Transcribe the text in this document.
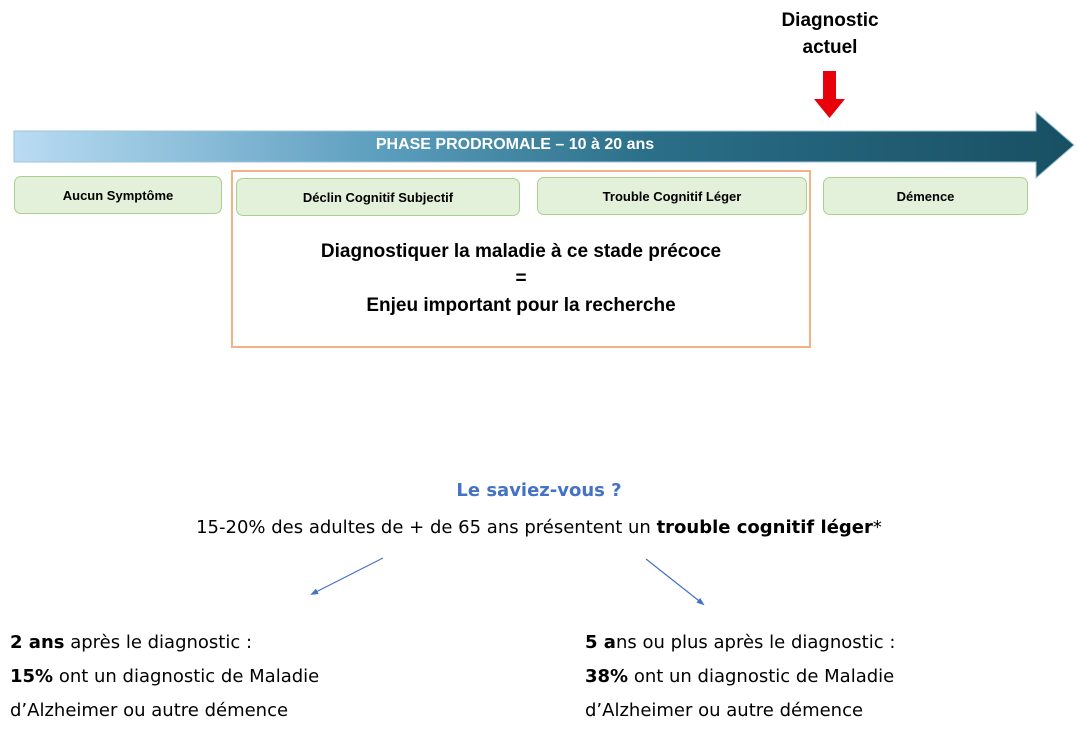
Diagnostic
actuel
PHASE PRODROMALE – 10 à 20 ans
Aucun Symptôme	Déclin Cognitif Subjectif	Trouble Cognitif Léger	Démence
Diagnostiquer la maladie à ce stade précoce
=
Enjeu important pour la recherche
Le saviez-vous ?
15-20% des adultes de + de 65 ans présentent un trouble cognitif léger*
2 ans après le diagnostic :
15% ont un diagnostic de Maladie
d’Alzheimer ou autre démence
5 ans ou plus après le diagnostic :
38% ont un diagnostic de Maladie
d’Alzheimer ou autre démence
